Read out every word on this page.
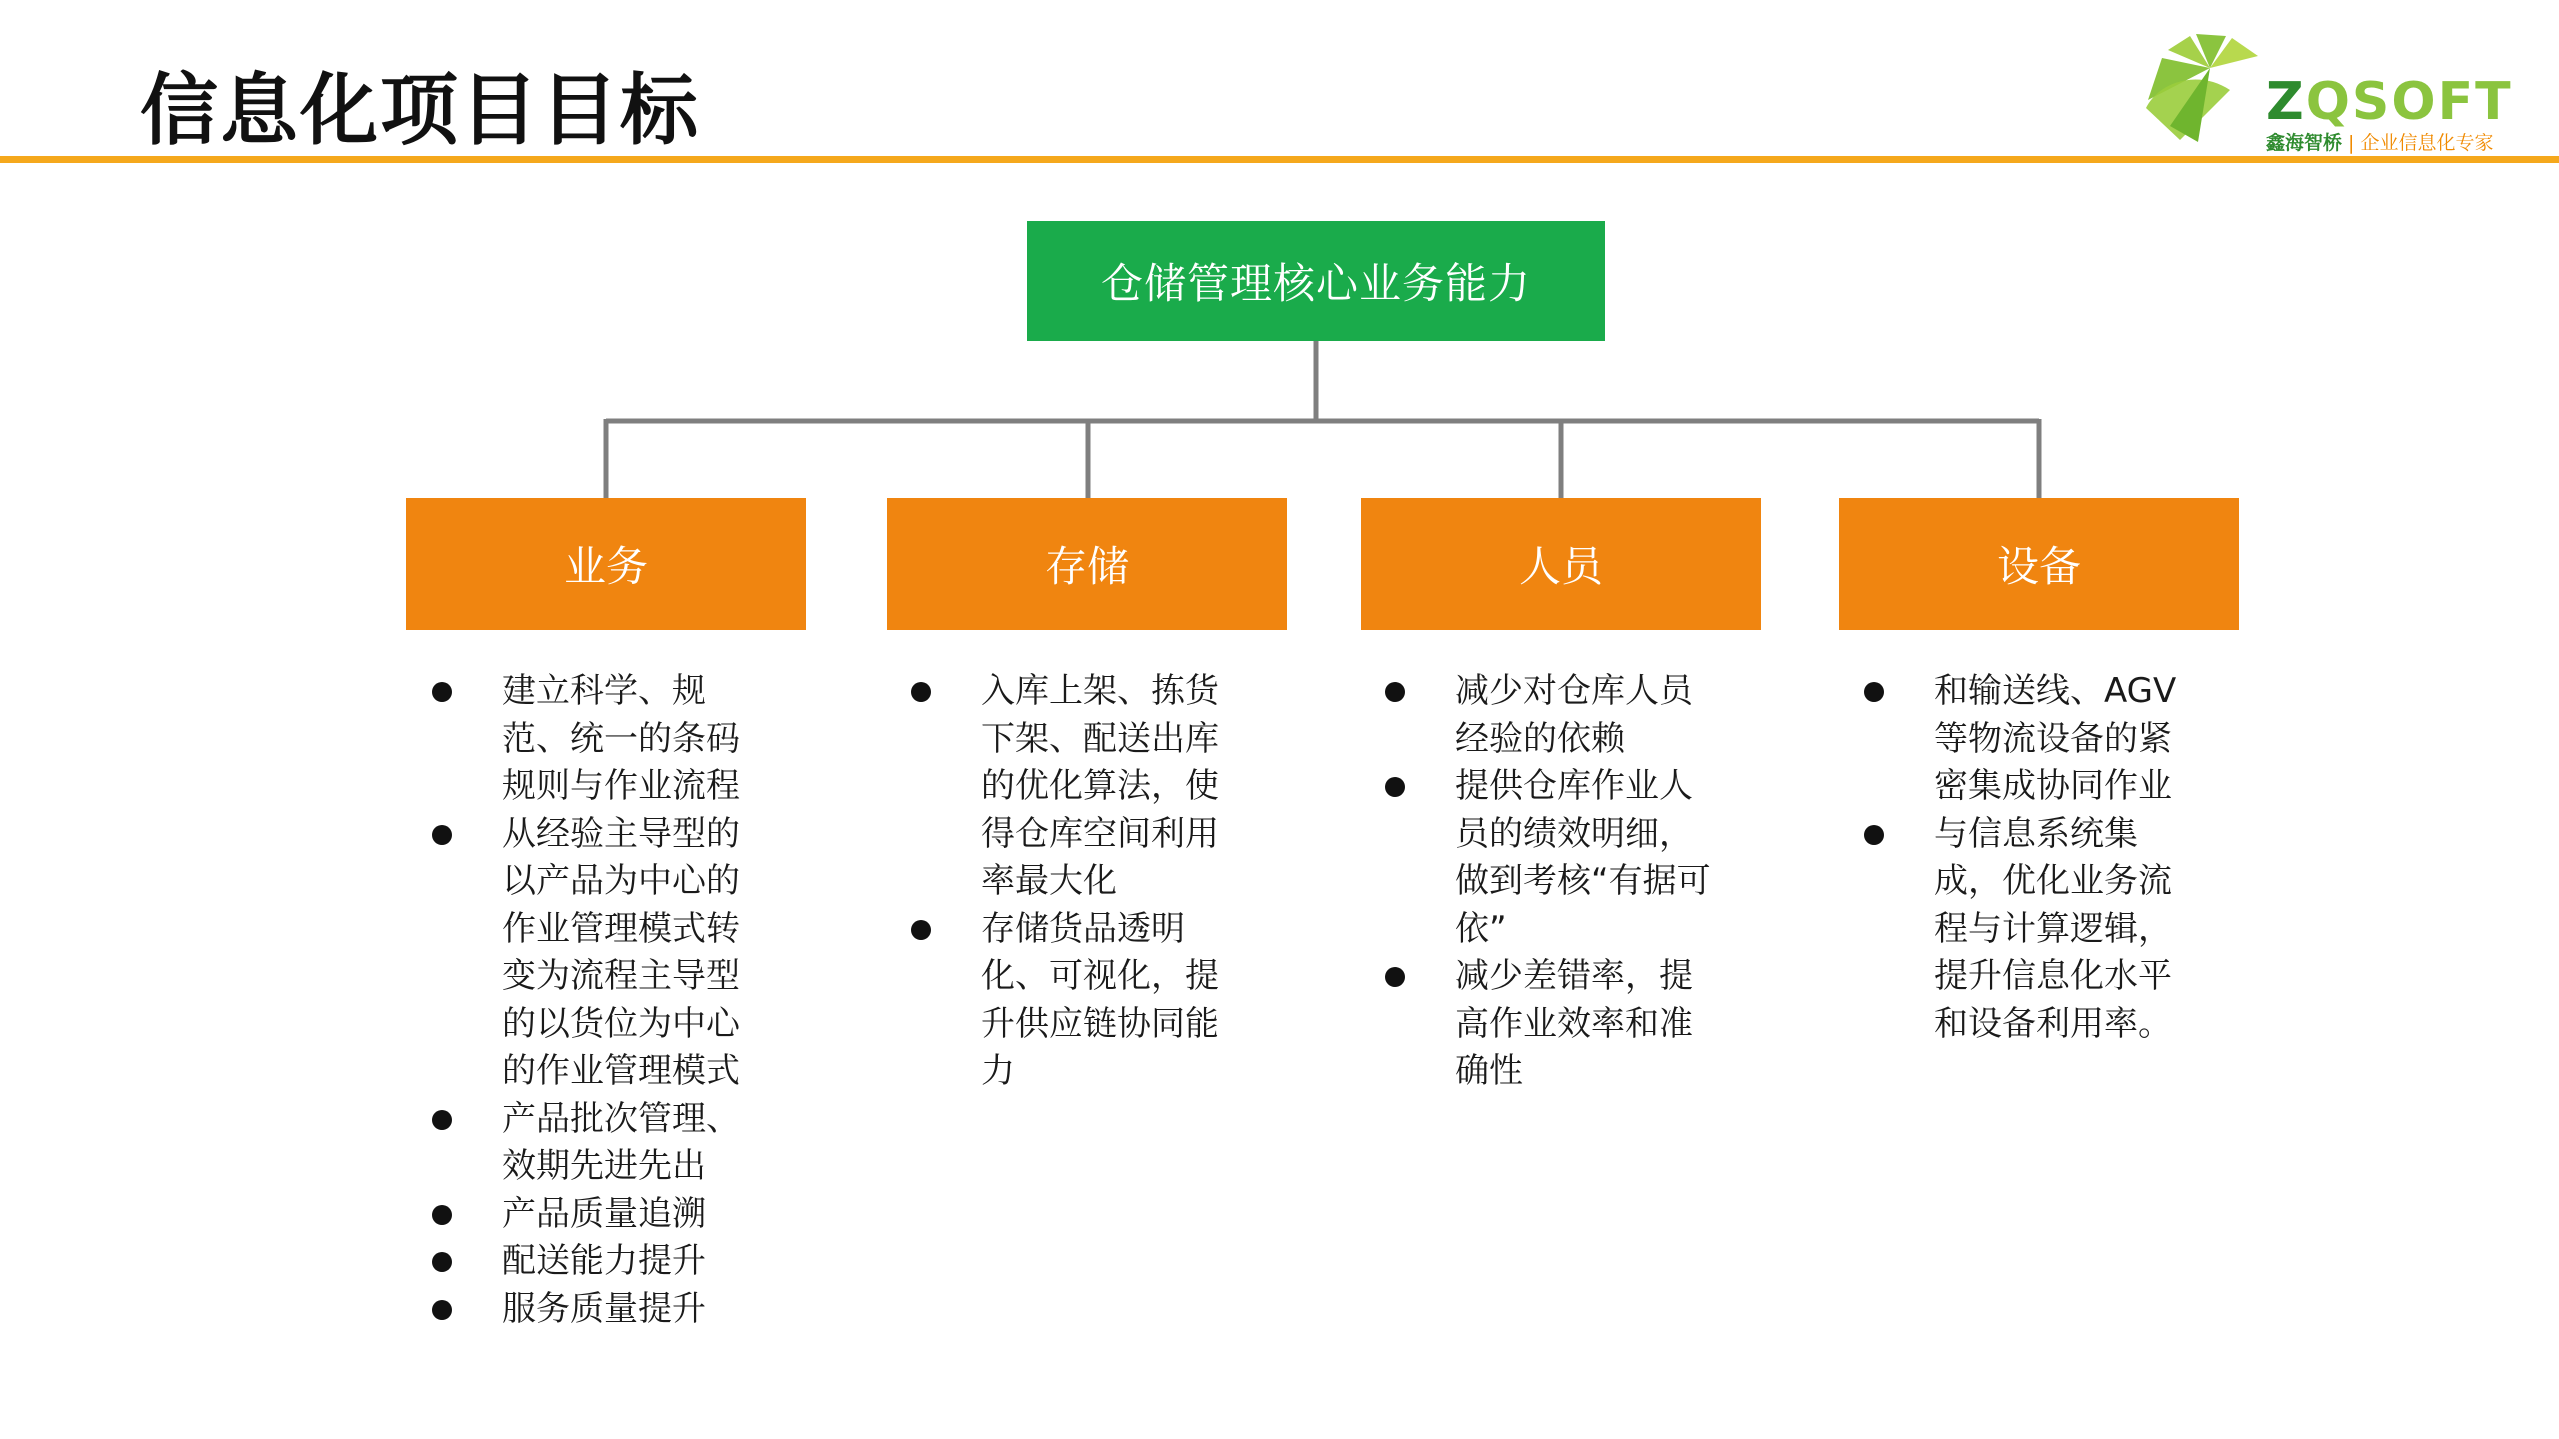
信息化项目目标	ZQSOFT
鑫海智桥 | 企业信息化专家
仓储管理核心业务能力
业务	存储	人员	设备
建立科学、规范、统一的条码规则与作业流程
从经验主导型的以产品为中心的作业管理模式转变为流程主导型的以货位为中心的作业管理模式
产品批次管理、效期先进先出
产品质量追溯
配送能力提升
服务质量提升
入库上架、拣货下架、配送出库的优化算法，使得仓库空间利用率最大化
存储货品透明化、可视化，提升供应链协同能力
减少对仓库人员经验的依赖
提供仓库作业人员的绩效明细，做到考核“有据可依”
减少差错率，提高作业效率和准确性
和输送线、AGV等物流设备的紧密集成协同作业
与信息系统集成，优化业务流程与计算逻辑，提升信息化水平和设备利用率。
